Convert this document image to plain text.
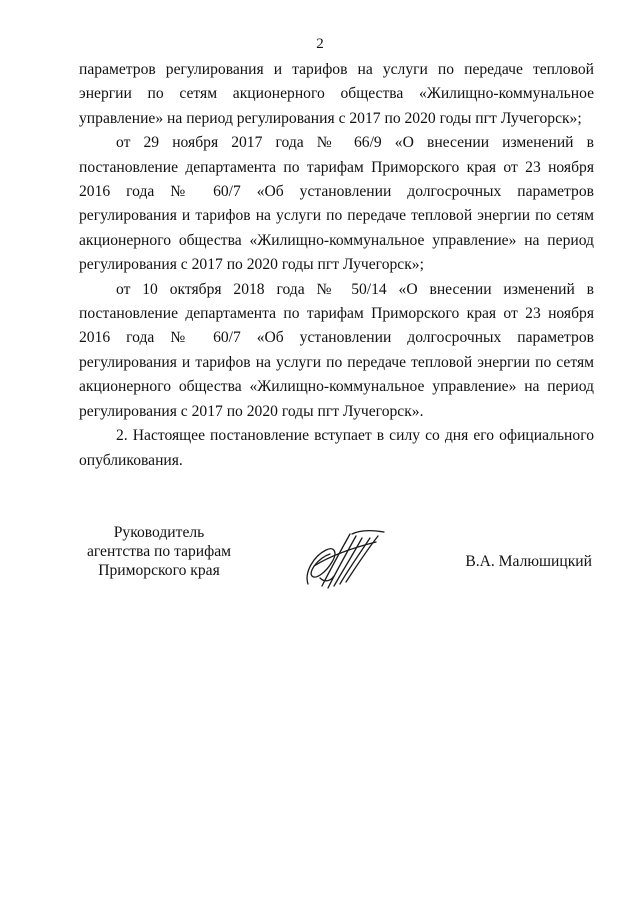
2

параметров регулирования и тарифов на услуги по передаче тепловой энергии по сетям акционерного общества «Жилищно-коммунальное управление» на период регулирования с 2017 по 2020 годы пгт Лучегорск»;

от 29 ноября 2017 года № 66/9 «О внесении изменений в постановление департамента по тарифам Приморского края от 23 ноября 2016 года № 60/7 «Об установлении долгосрочных параметров регулирования и тарифов на услуги по передаче тепловой энергии по сетям акционерного общества «Жилищно-коммунальное управление» на период регулирования с 2017 по 2020 годы пгт Лучегорск»;

от 10 октября 2018 года № 50/14 «О внесении изменений в постановление департамента по тарифам Приморского края от 23 ноября 2016 года № 60/7 «Об установлении долгосрочных параметров регулирования и тарифов на услуги по передаче тепловой энергии по сетям акционерного общества «Жилищно-коммунальное управление» на период регулирования с 2017 по 2020 годы пгт Лучегорск».

2. Настоящее постановление вступает в силу со дня его официального опубликования.

Руководитель
агентства по тарифам
Приморского края
В.А. Малюшицкий
